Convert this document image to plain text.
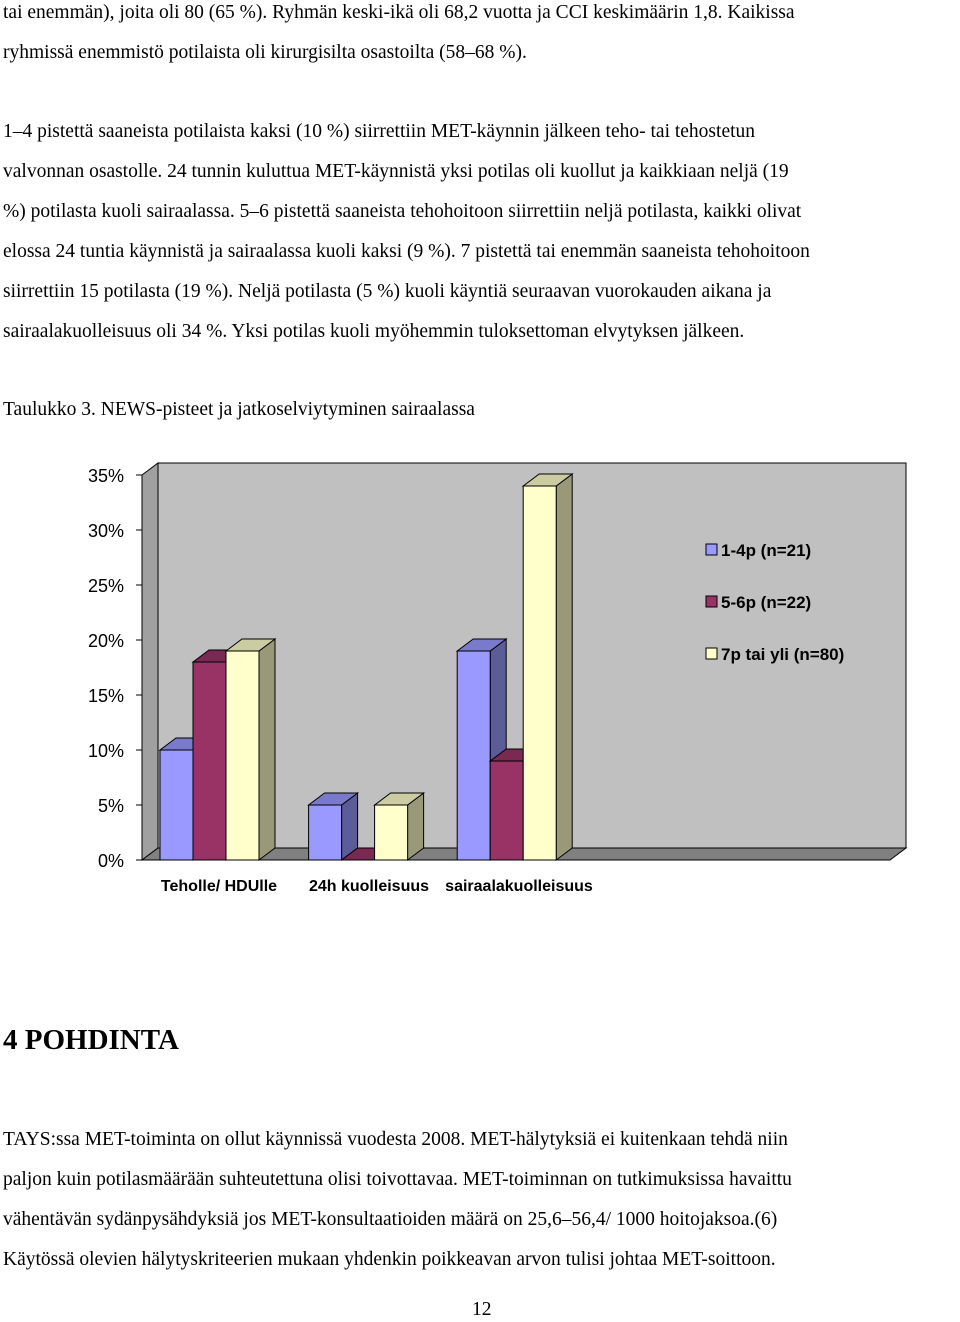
tai enemmän), joita oli 80 (65 %). Ryhmän keski-ikä oli 68,2 vuotta ja CCI keskimäärin 1,8. Kaikissa
ryhmissä enemmistö potilaista oli kirurgisilta osastoilta (58–68 %).
1–4 pistettä saaneista potilaista kaksi (10 %) siirrettiin MET-käynnin jälkeen teho- tai tehostetun
valvonnan osastolle. 24 tunnin kuluttua MET-käynnistä yksi potilas oli kuollut ja kaikkiaan neljä (19
%) potilasta kuoli sairaalassa. 5–6 pistettä saaneista tehohoitoon siirrettiin neljä potilasta, kaikki olivat
elossa 24 tuntia käynnistä ja sairaalassa kuoli kaksi (9 %). 7 pistettä tai enemmän saaneista tehohoitoon
siirrettiin 15 potilasta (19 %). Neljä potilasta (5 %) kuoli käyntiä seuraavan vuorokauden aikana ja
sairaalakuolleisuus oli 34 %. Yksi potilas kuoli myöhemmin tuloksettoman elvytyksen jälkeen.
Taulukko 3. NEWS-pisteet ja jatkoselviytyminen sairaalassa
0%
5%
10%
15%
20%
25%
30%
35%
Teholle/ HDUlle 24h kuolleisuus sairaalakuolleisuus
1-4p (n=21)
5-6p (n=22)
7p tai yli (n=80)
4 POHDINTA
TAYS:ssa MET-toiminta on ollut käynnissä vuodesta 2008. MET-hälytyksiä ei kuitenkaan tehdä niin
paljon kuin potilasmäärään suhteutettuna olisi toivottavaa. MET-toiminnan on tutkimuksissa havaittu
vähentävän sydänpysähdyksiä jos MET-konsultaatioiden määrä on 25,6–56,4/ 1000 hoitojaksoa.(6)
Käytössä olevien hälytyskriteerien mukaan yhdenkin poikkeavan arvon tulisi johtaa MET-soittoon.
12
